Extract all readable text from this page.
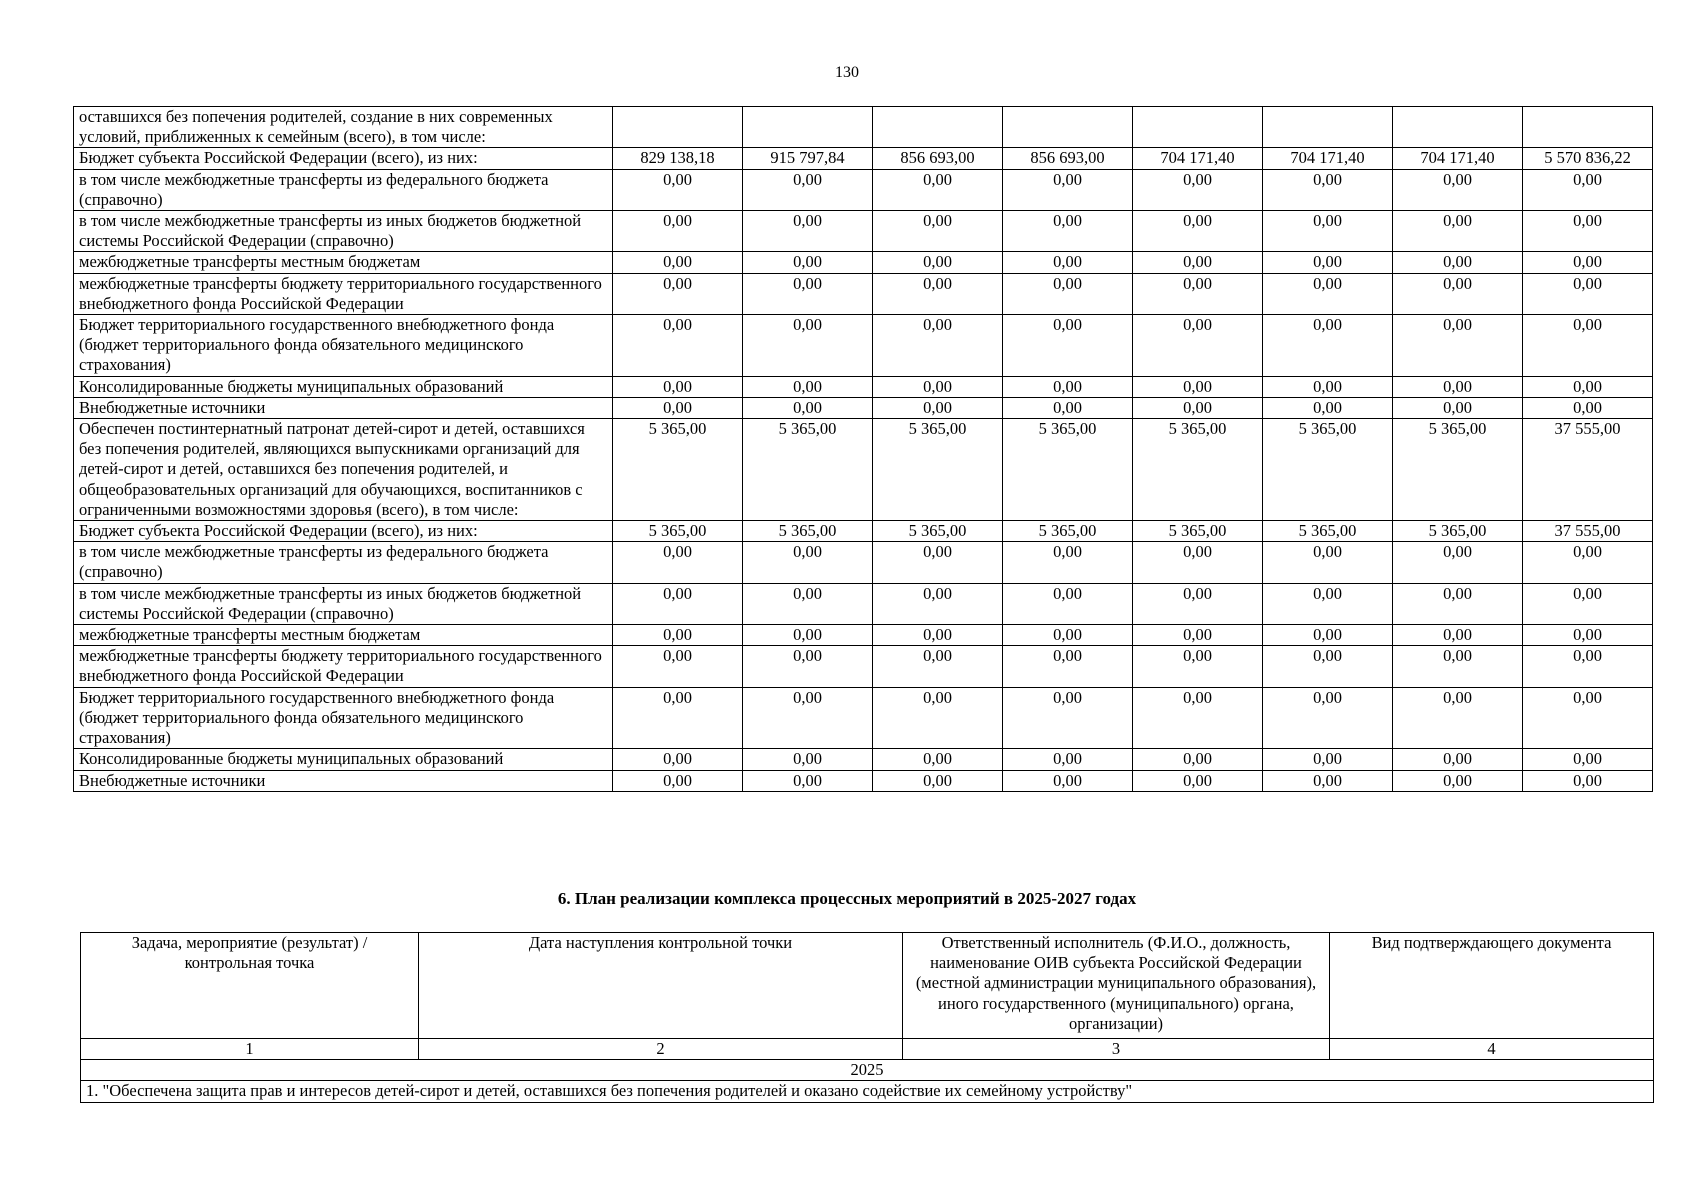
130
оставшихся без попечения родителей, создание в них современных условий, приближенных к семейным (всего), в том числе:								
Бюджет субъекта Российской Федерации (всего), из них:	829 138,18	915 797,84	856 693,00	856 693,00	704 171,40	704 171,40	704 171,40	5 570 836,22
в том числе межбюджетные трансферты из федерального бюджета (справочно)	0,00	0,00	0,00	0,00	0,00	0,00	0,00	0,00
в том числе межбюджетные трансферты из иных бюджетов бюджетной системы Российской Федерации (справочно)	0,00	0,00	0,00	0,00	0,00	0,00	0,00	0,00
межбюджетные трансферты местным бюджетам	0,00	0,00	0,00	0,00	0,00	0,00	0,00	0,00
межбюджетные трансферты бюджету территориального государственного внебюджетного фонда Российской Федерации	0,00	0,00	0,00	0,00	0,00	0,00	0,00	0,00
Бюджет территориального государственного внебюджетного фонда (бюджет территориального фонда обязательного медицинского страхования)	0,00	0,00	0,00	0,00	0,00	0,00	0,00	0,00
Консолидированные бюджеты муниципальных образований	0,00	0,00	0,00	0,00	0,00	0,00	0,00	0,00
Внебюджетные источники	0,00	0,00	0,00	0,00	0,00	0,00	0,00	0,00
Обеспечен постинтернатный патронат детей-сирот и детей, оставшихся без попечения родителей, являющихся выпускниками организаций для детей-сирот и детей, оставшихся без попечения родителей, и общеобразовательных организаций для обучающихся, воспитанников с ограниченными возможностями здоровья (всего), в том числе:	5 365,00	5 365,00	5 365,00	5 365,00	5 365,00	5 365,00	5 365,00	37 555,00
Бюджет субъекта Российской Федерации (всего), из них:	5 365,00	5 365,00	5 365,00	5 365,00	5 365,00	5 365,00	5 365,00	37 555,00
в том числе межбюджетные трансферты из федерального бюджета (справочно)	0,00	0,00	0,00	0,00	0,00	0,00	0,00	0,00
в том числе межбюджетные трансферты из иных бюджетов бюджетной системы Российской Федерации (справочно)	0,00	0,00	0,00	0,00	0,00	0,00	0,00	0,00
межбюджетные трансферты местным бюджетам	0,00	0,00	0,00	0,00	0,00	0,00	0,00	0,00
межбюджетные трансферты бюджету территориального государственного внебюджетного фонда Российской Федерации	0,00	0,00	0,00	0,00	0,00	0,00	0,00	0,00
Бюджет территориального государственного внебюджетного фонда (бюджет территориального фонда обязательного медицинского страхования)	0,00	0,00	0,00	0,00	0,00	0,00	0,00	0,00
Консолидированные бюджеты муниципальных образований	0,00	0,00	0,00	0,00	0,00	0,00	0,00	0,00
Внебюджетные источники	0,00	0,00	0,00	0,00	0,00	0,00	0,00	0,00
6. План реализации комплекса процессных мероприятий в 2025-2027 годах
Задача, мероприятие (результат) / контрольная точка	Дата наступления контрольной точки	Ответственный исполнитель (Ф.И.О., должность, наименование ОИВ субъекта Российской Федерации (местной администрации муниципального образования), иного государственного (муниципального) органа, организации)	Вид подтверждающего документа
1	2	3	4
2025			
1. "Обеспечена защита прав и интересов детей-сирот и детей, оставшихся без попечения родителей и оказано содействие их семейному устройству"			
